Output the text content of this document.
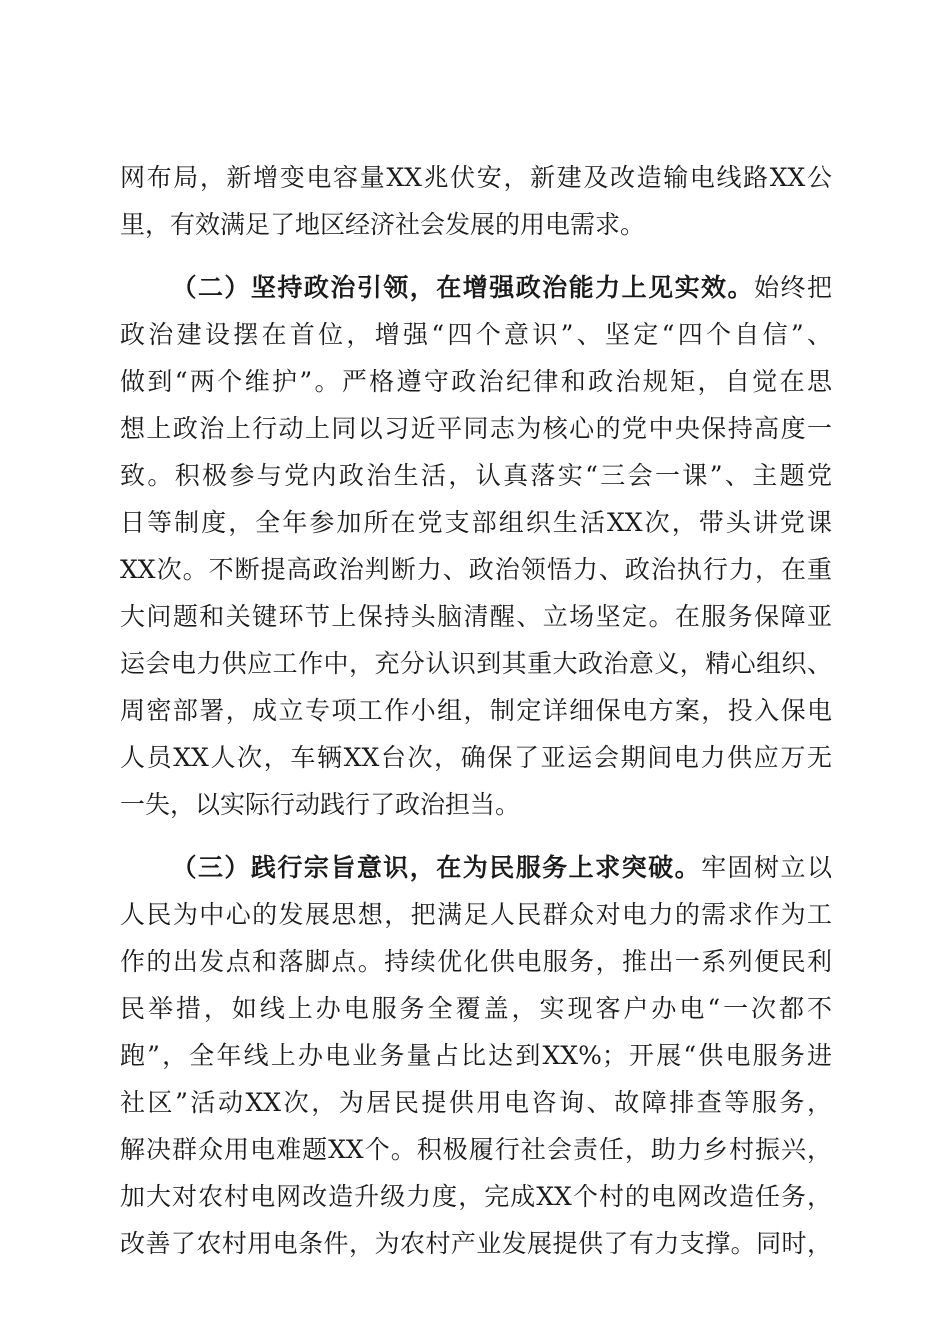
网布局，新增变电容量XX兆伏安，新建及改造输电线路XX公
里，有效满足了地区经济社会发展的用电需求。
（二）坚持政治引领，在增强政治能力上见实效。始终把
政治建设摆在首位，增强“四个意识”、坚定“四个自信”、
做到“两个维护”。严格遵守政治纪律和政治规矩，自觉在思
想上政治上行动上同以习近平同志为核心的党中央保持高度一
致。积极参与党内政治生活，认真落实“三会一课”、主题党
日等制度，全年参加所在党支部组织生活XX次，带头讲党课
XX次。不断提高政治判断力、政治领悟力、政治执行力，在重
大问题和关键环节上保持头脑清醒、立场坚定。在服务保障亚
运会电力供应工作中，充分认识到其重大政治意义，精心组织、
周密部署，成立专项工作小组，制定详细保电方案，投入保电
人员XX人次，车辆XX台次，确保了亚运会期间电力供应万无
一失，以实际行动践行了政治担当。
（三）践行宗旨意识，在为民服务上求突破。牢固树立以
人民为中心的发展思想，把满足人民群众对电力的需求作为工
作的出发点和落脚点。持续优化供电服务，推出一系列便民利
民举措，如线上办电服务全覆盖，实现客户办电“一次都不
跑”，全年线上办电业务量占比达到XX%；开展“供电服务进
社区”活动XX次，为居民提供用电咨询、故障排查等服务，
解决群众用电难题XX个。积极履行社会责任，助力乡村振兴，
加大对农村电网改造升级力度，完成XX个村的电网改造任务，
改善了农村用电条件，为农村产业发展提供了有力支撑。同时，
